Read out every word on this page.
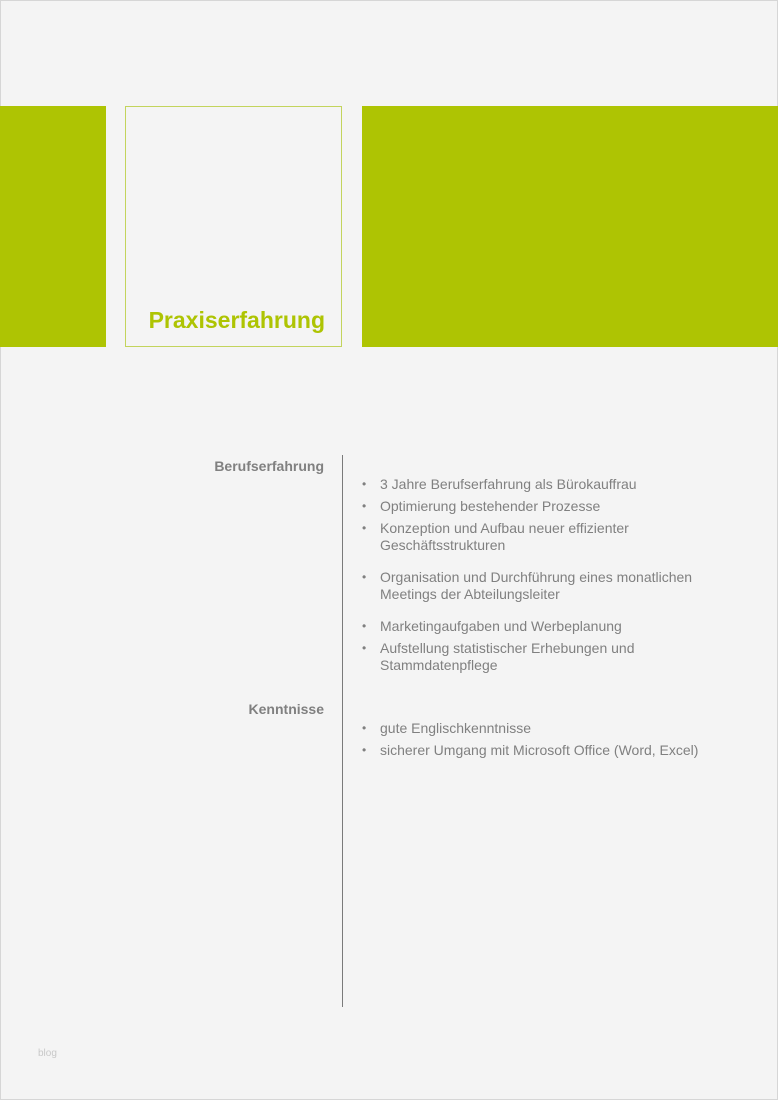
Praxiserfahrung
Berufserfahrung
• 3 Jahre Berufserfahrung als Bürokauffrau
• Optimierung bestehender Prozesse
• Konzeption und Aufbau neuer effizienter Geschäftsstrukturen
• Organisation und Durchführung eines monatlichen Meetings der Abteilungsleiter
• Marketingaufgaben und Werbeplanung
• Aufstellung statistischer Erhebungen und Stammdatenpflege
Kenntnisse
• gute Englischkenntnisse
• sicherer Umgang mit Microsoft Office (Word, Excel)
blog
